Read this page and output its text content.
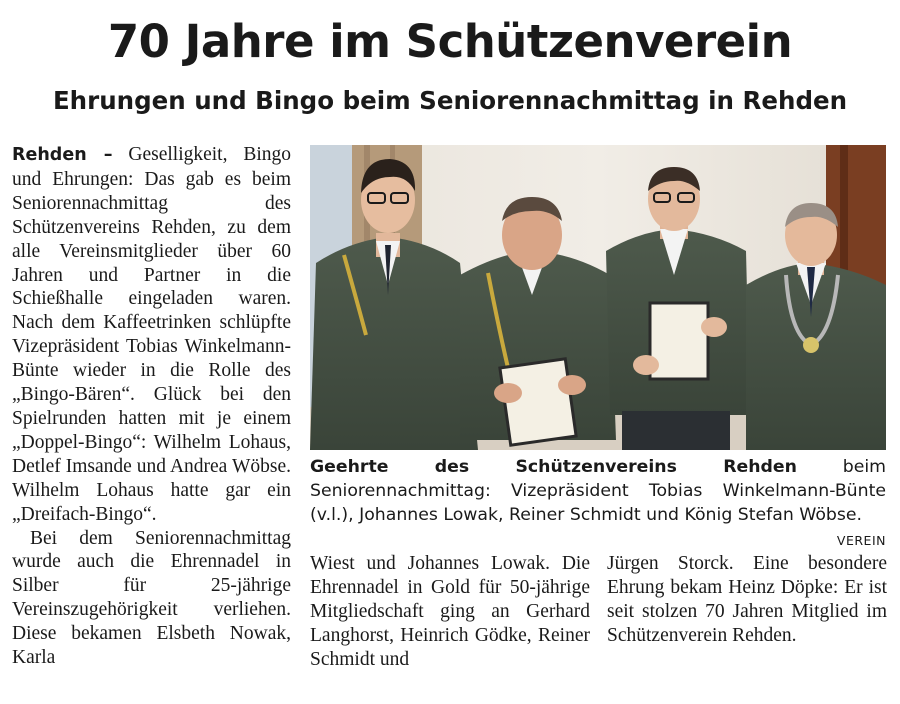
70 Jahre im Schützenverein
Ehrungen und Bingo beim Seniorennachmittag in Rehden

Rehden – Geselligkeit, Bingo und Ehrungen: Das gab es beim Seniorennachmittag des Schützenvereins Rehden, zu dem alle Vereinsmitglieder über 60 Jahren und Partner in die Schießhalle eingeladen waren. Nach dem Kaffeetrinken schlüpfte Vizepräsident Tobias Winkelmann-Bünte wieder in die Rolle des „Bingo-Bären“. Glück bei den Spielrunden hatten mit je einem „Doppel-Bingo“: Wilhelm Lohaus, Detlef Imsande und Andrea Wöbse. Wilhelm Lohaus hatte gar ein „Dreifach-Bingo“.

Bei dem Seniorennachmittag wurde auch die Ehrennadel in Silber für 25-jährige Vereinszugehörigkeit verliehen. Diese bekamen Elsbeth Nowak, Karla

Geehrte des Schützenvereins Rehden	beim Seniorennachmittag: Vizepräsident Tobias Winkelmann-Bünte (v.l.), Johannes Lowak, Reiner Schmidt und König Stefan Wöbse.
VEREIN

Wiest und Johannes Lowak. Die Ehrennadel in Gold für 50-jährige Mitgliedschaft ging an Gerhard Langhorst, Heinrich Gödke, Reiner Schmidt und

Jürgen Storck. Eine besondere Ehrung bekam Heinz Döpke: Er ist seit stolzen 70 Jahren Mitglied im Schützenverein Rehden.
